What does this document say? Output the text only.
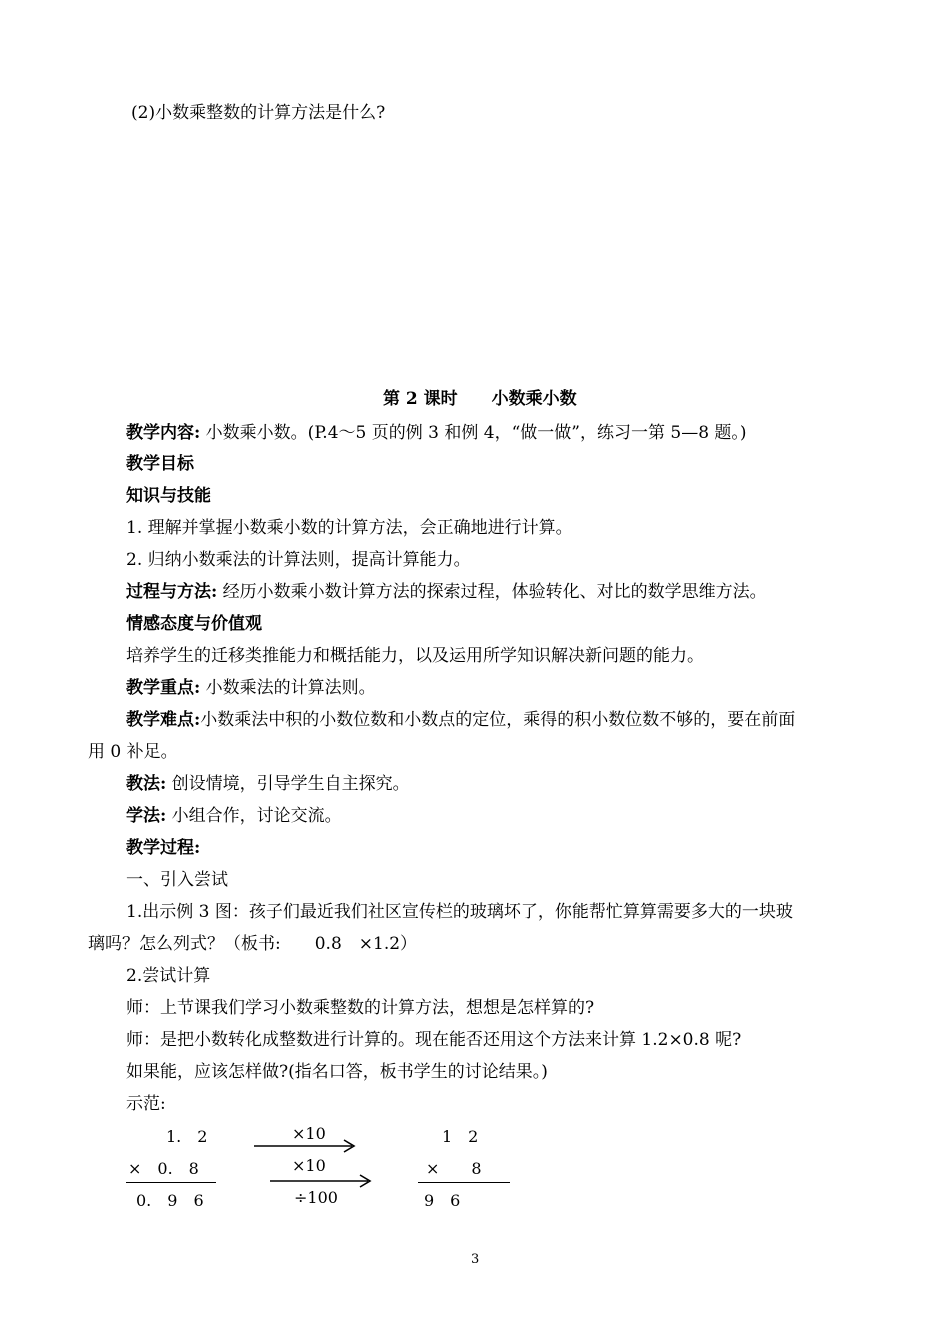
(2)小数乘整数的计算方法是什么?
第 2 课时　　小数乘小数
教学内容: 小数乘小数。(P.4～5 页的例 3 和例 4，“做一做”，练习一第 5—8 题。)
教学目标
知识与技能
1. 理解并掌握小数乘小数的计算方法，会正确地进行计算。
2. 归纳小数乘法的计算法则，提高计算能力。
过程与方法: 经历小数乘小数计算方法的探索过程，体验转化、对比的数学思维方法。
情感态度与价值观
培养学生的迁移类推能力和概括能力，以及运用所学知识解决新问题的能力。
教学重点: 小数乘法的计算法则。
教学难点:小数乘法中积的小数位数和小数点的定位，乘得的积小数位数不够的，要在前面
用 0 补足。
教法: 创设情境，引导学生自主探究。
学法: 小组合作，讨论交流。
教学过程:
一、引入尝试
1.出示例 3 图：孩子们最近我们社区宣传栏的玻璃坏了，你能帮忙算算需要多大的一块玻
璃吗？怎么列式？（板书:　　0.8　×1.2）
2.尝试计算
师：上节课我们学习小数乘整数的计算方法，想想是怎样算的?
师：是把小数转化成整数进行计算的。现在能否还用这个方法来计算 1.2×0.8 呢?
如果能，应该怎样做?(指名口答，板书学生的讨论结果。)
示范:
1.　2
×　0.　8
0.　9　6
×10
×10
÷100
1　2
×　　8
9　6
3
